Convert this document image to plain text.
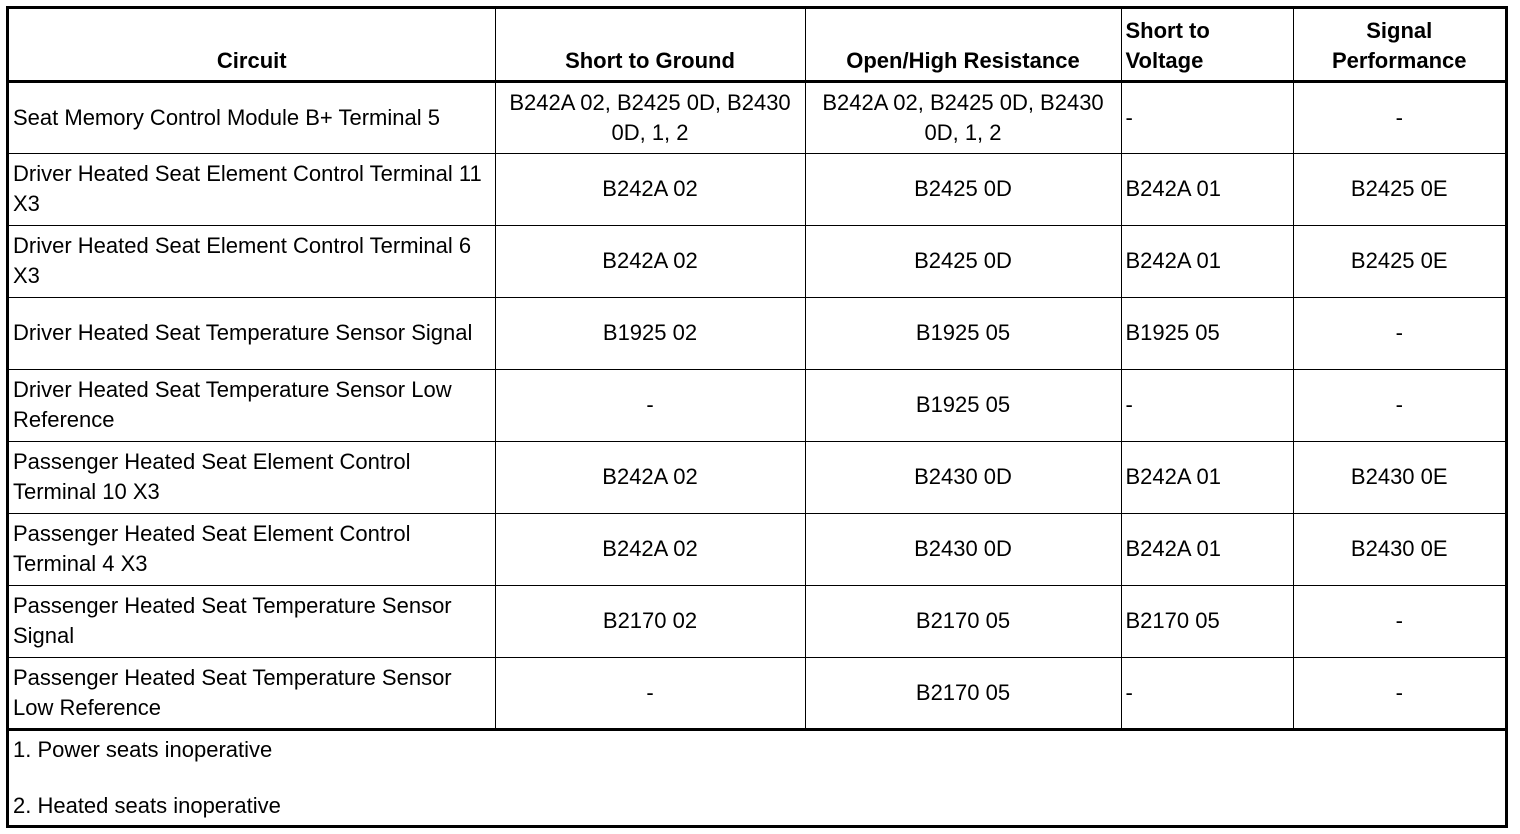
Circuit	Short to Ground	Open/High Resistance	Short to Voltage	Signal Performance
Seat Memory Control Module B+ Terminal 5	B242A 02, B2425 0D, B2430 0D, 1, 2	B242A 02, B2425 0D, B2430 0D, 1, 2	-	-
Driver Heated Seat Element Control Terminal 11 X3	B242A 02	B2425 0D	B242A 01	B2425 0E
Driver Heated Seat Element Control Terminal 6 X3	B242A 02	B2425 0D	B242A 01	B2425 0E
Driver Heated Seat Temperature Sensor Signal	B1925 02	B1925 05	B1925 05	-
Driver Heated Seat Temperature Sensor Low Reference	-	B1925 05	-	-
Passenger Heated Seat Element Control Terminal 10 X3	B242A 02	B2430 0D	B242A 01	B2430 0E
Passenger Heated Seat Element Control Terminal 4 X3	B242A 02	B2430 0D	B242A 01	B2430 0E
Passenger Heated Seat Temperature Sensor Signal	B2170 02	B2170 05	B2170 05	-
Passenger Heated Seat Temperature Sensor Low Reference	-	B2170 05	-	-

1. Power seats inoperative
2. Heated seats inoperative				
